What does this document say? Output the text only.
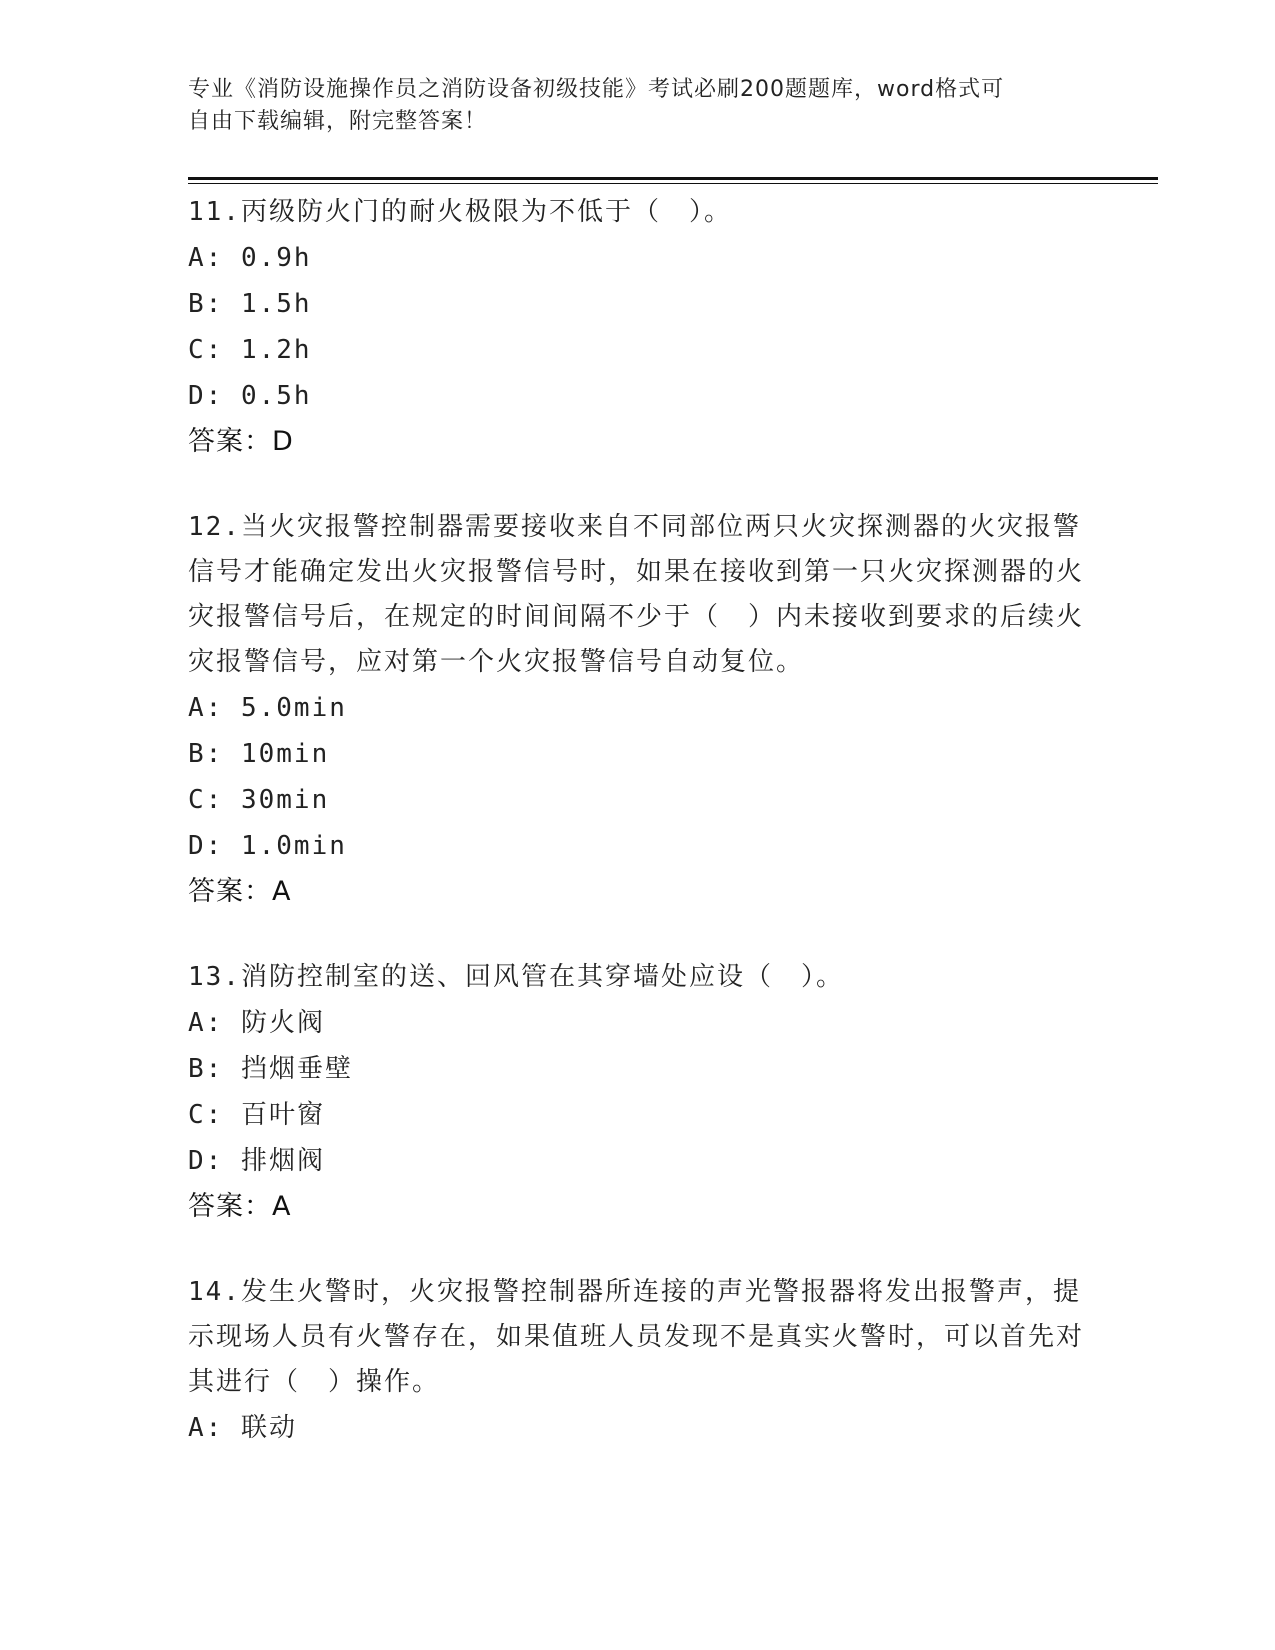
专业《消防设施操作员之消防设备初级技能》考试必刷200题题库，word格式可
自由下载编辑，附完整答案！
11.丙级防火门的耐火极限为不低于（　）。
A: 0.9h
B: 1.5h
C: 1.2h
D: 0.5h
答案：D
12.当火灾报警控制器需要接收来自不同部位两只火灾探测器的火灾报警信号才能确定发出火灾报警信号时，如果在接收到第一只火灾探测器的火灾报警信号后，在规定的时间间隔不少于（　）内未接收到要求的后续火灾报警信号，应对第一个火灾报警信号自动复位。
A: 5.0min
B: 10min
C: 30min
D: 1.0min
答案：A
13.消防控制室的送、回风管在其穿墙处应设（　）。
A: 防火阀
B: 挡烟垂壁
C: 百叶窗
D: 排烟阀
答案：A
14.发生火警时，火灾报警控制器所连接的声光警报器将发出报警声，提示现场人员有火警存在，如果值班人员发现不是真实火警时，可以首先对其进行（　）操作。
A: 联动
